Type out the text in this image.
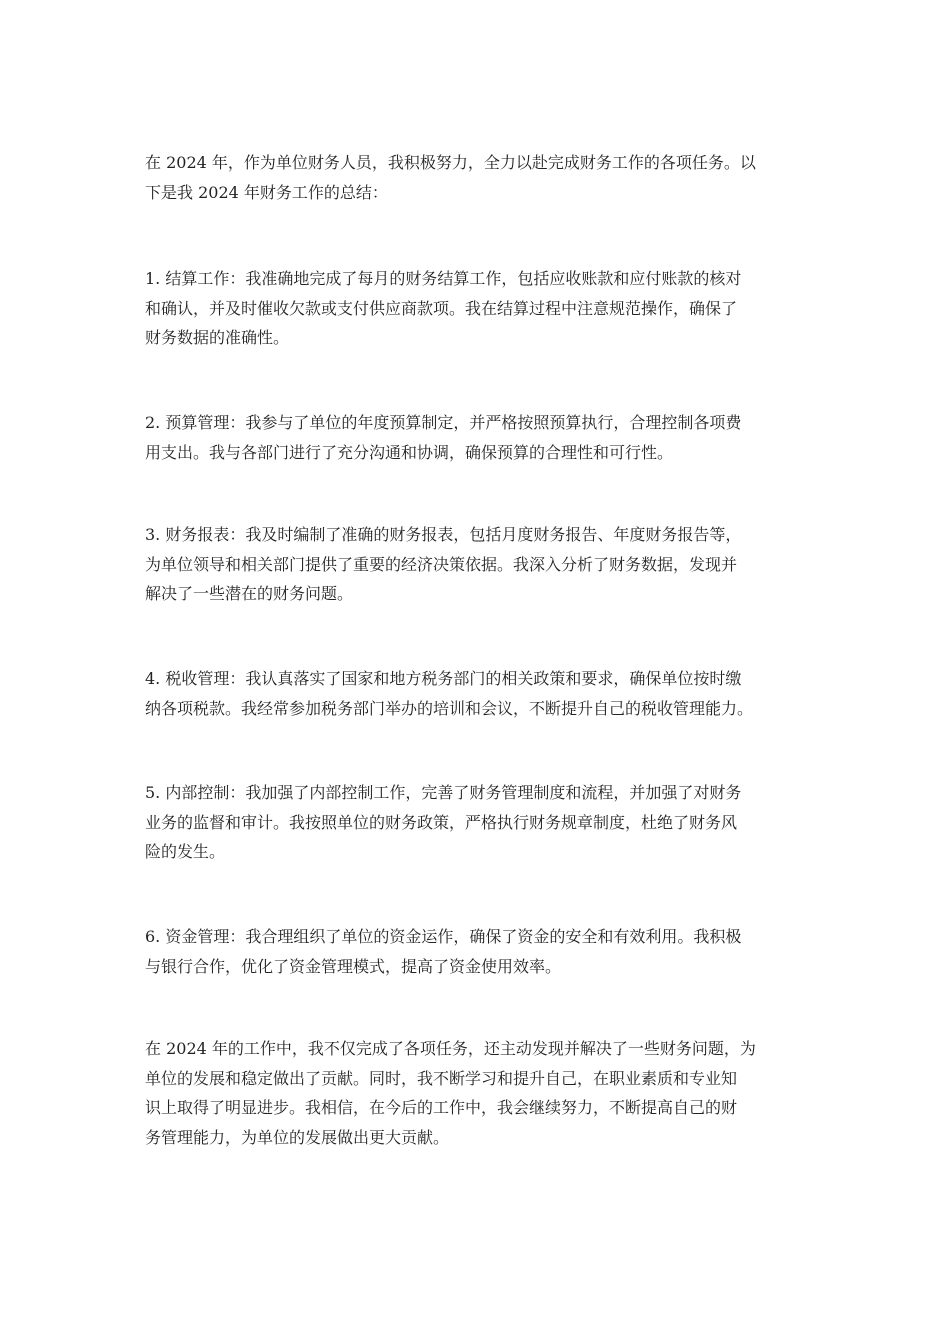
在 2024 年，作为单位财务人员，我积极努力，全力以赴完成财务工作的各项任务。以
下是我 2024 年财务工作的总结：
1. 结算工作：我准确地完成了每月的财务结算工作，包括应收账款和应付账款的核对
和确认，并及时催收欠款或支付供应商款项。我在结算过程中注意规范操作，确保了
财务数据的准确性。
2. 预算管理：我参与了单位的年度预算制定，并严格按照预算执行，合理控制各项费
用支出。我与各部门进行了充分沟通和协调，确保预算的合理性和可行性。
3. 财务报表：我及时编制了准确的财务报表，包括月度财务报告、年度财务报告等，
为单位领导和相关部门提供了重要的经济决策依据。我深入分析了财务数据，发现并
解决了一些潜在的财务问题。
4. 税收管理：我认真落实了国家和地方税务部门的相关政策和要求，确保单位按时缴
纳各项税款。我经常参加税务部门举办的培训和会议，不断提升自己的税收管理能力。
5. 内部控制：我加强了内部控制工作，完善了财务管理制度和流程，并加强了对财务
业务的监督和审计。我按照单位的财务政策，严格执行财务规章制度，杜绝了财务风
险的发生。
6. 资金管理：我合理组织了单位的资金运作，确保了资金的安全和有效利用。我积极
与银行合作，优化了资金管理模式，提高了资金使用效率。
在 2024 年的工作中，我不仅完成了各项任务，还主动发现并解决了一些财务问题，为
单位的发展和稳定做出了贡献。同时，我不断学习和提升自己，在职业素质和专业知
识上取得了明显进步。我相信，在今后的工作中，我会继续努力，不断提高自己的财
务管理能力，为单位的发展做出更大贡献。
